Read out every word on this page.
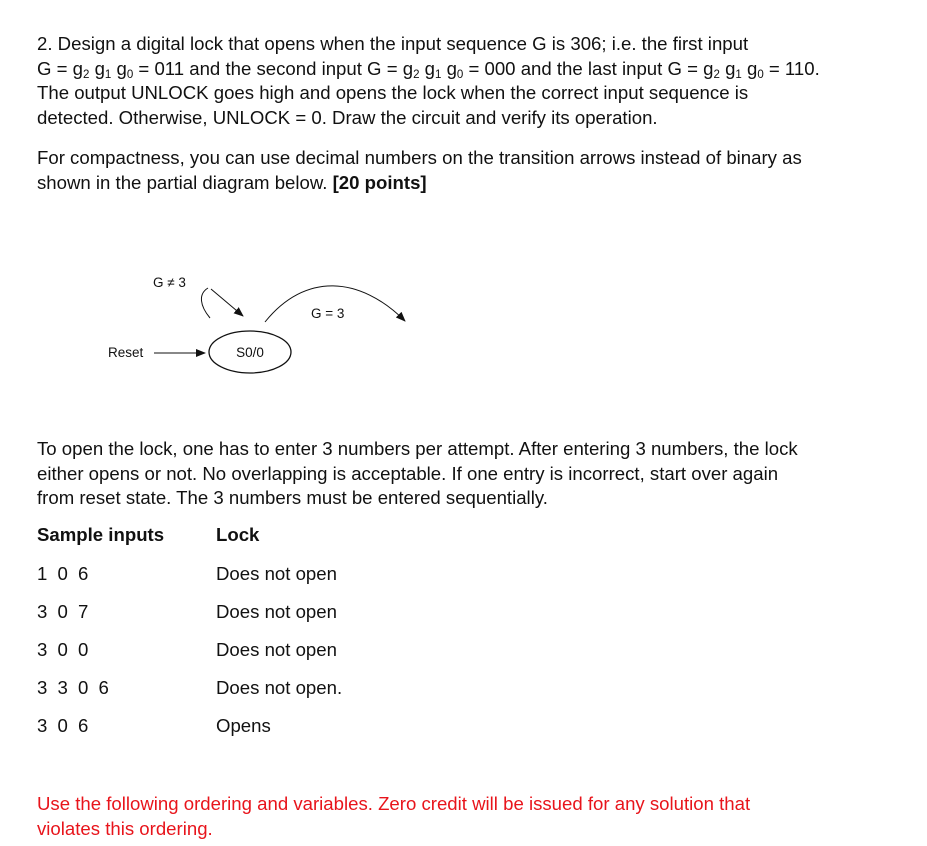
2. Design a digital lock that opens when the input sequence G is 306; i.e. the first input
$G = g_2$ $g_1$ $g_0 = 011$ and the second input $G = g_2$ $g_1$ $g_0 = 000$ and the last input $G = g_2$ $g_1$ $g_0 = 110$.
The output UNLOCK goes high and opens the lock when the correct input sequence is
detected. Otherwise, UNLOCK = 0. Draw the circuit and verify its operation.
For compactness, you can use decimal numbers on the transition arrows instead of binary as
shown in the partial diagram below. [20 points]
G ≠ 3
G = 3
Reset	S0/0
To open the lock, one has to enter 3 numbers per attempt. After entering 3 numbers, the lock
either opens or not. No overlapping is acceptable. If one entry is incorrect, start over again
from reset state. The 3 numbers must be entered sequentially.
Sample inputs	Lock
1 0 6	Does not open
3 0 7	Does not open
3 0 0	Does not open
3 3 0 6	Does not open.
3 0 6	Opens
Use the following ordering and variables. Zero credit will be issued for any solution that
violates this ordering.
